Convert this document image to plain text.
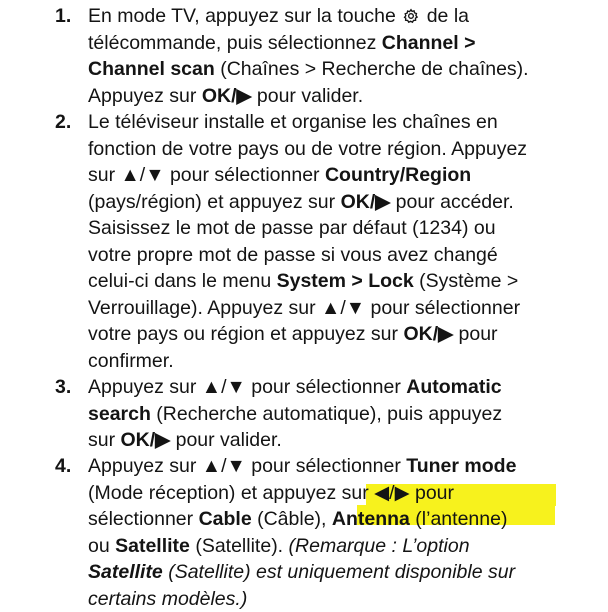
1. En mode TV, appuyez sur la touche  de la
télécommande, puis sélectionnez Channel >
Channel scan (Chaînes > Recherche de chaînes).
Appuyez sur OK/▶ pour valider.
2. Le téléviseur installe et organise les chaînes en
fonction de votre pays ou de votre région. Appuyez
sur ▲/▼ pour sélectionner Country/Region
(pays/région) et appuyez sur OK/▶ pour accéder.
Saisissez le mot de passe par défaut (1234) ou
votre propre mot de passe si vous avez changé
celui-ci dans le menu System > Lock (Système >
Verrouillage). Appuyez sur ▲/▼ pour sélectionner
votre pays ou région et appuyez sur OK/▶ pour
confirmer.
3. Appuyez sur ▲/▼ pour sélectionner Automatic
search (Recherche automatique), puis appuyez
sur OK/▶ pour valider.
4. Appuyez sur ▲/▼ pour sélectionner Tuner mode
(Mode réception) et appuyez sur ◀/▶ pour
sélectionner Cable (Câble), Antenna (l’antenne)
ou Satellite (Satellite). (Remarque : L’option
Satellite (Satellite) est uniquement disponible sur
certains modèles.)
